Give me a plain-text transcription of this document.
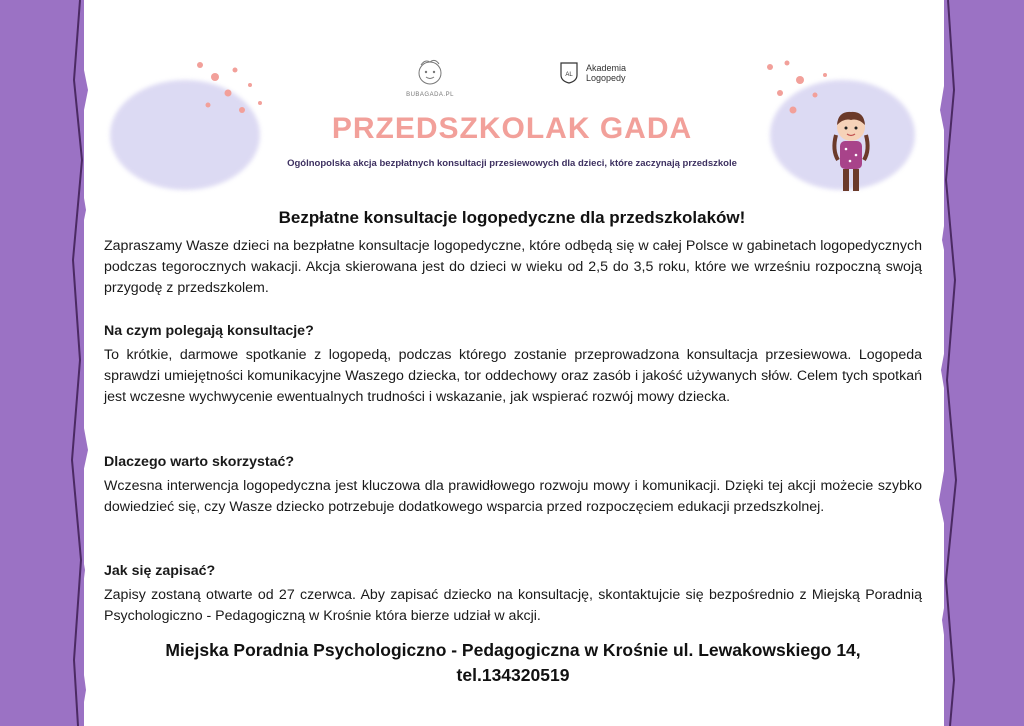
BUBAGADA.PL
AL
Akademia
Logopedy
PRZEDSZKOLAK GADA
Ogólnopolska akcja bezpłatnych konsultacji przesiewowych dla dzieci, które zaczynają przedszkole
Bezpłatne konsultacje logopedyczne dla przedszkolaków!
Zapraszamy Wasze dzieci na bezpłatne konsultacje logopedyczne, które odbędą się w całej Polsce w gabinetach logopedycznych podczas tegorocznych wakacji. Akcja skierowana jest do dzieci w wieku od 2,5 do 3,5 roku, które we wrześniu rozpoczną swoją przygodę z przedszkolem.
Na czym polegają konsultacje?
To krótkie, darmowe spotkanie z logopedą, podczas którego zostanie przeprowadzona konsultacja przesiewowa. Logopeda sprawdzi umiejętności komunikacyjne Waszego dziecka, tor oddechowy oraz zasób i jakość używanych słów. Celem tych spotkań jest wczesne wychwycenie ewentualnych trudności i wskazanie, jak wspierać rozwój mowy dziecka.
Dlaczego warto skorzystać?
Wczesna interwencja logopedyczna jest kluczowa dla prawidłowego rozwoju mowy i komunikacji. Dzięki tej akcji możecie szybko dowiedzieć się, czy Wasze dziecko potrzebuje dodatkowego wsparcia przed rozpoczęciem edukacji przedszkolnej.
Jak się zapisać?
Zapisy zostaną otwarte od 27 czerwca. Aby zapisać dziecko na konsultację, skontaktujcie się bezpośrednio z Miejską Poradnią Psychologiczno - Pedagogiczną w Krośnie która bierze udział w akcji.
Miejska Poradnia Psychologiczno - Pedagogiczna w Krośnie ul. Lewakowskiego 14,
tel.134320519
